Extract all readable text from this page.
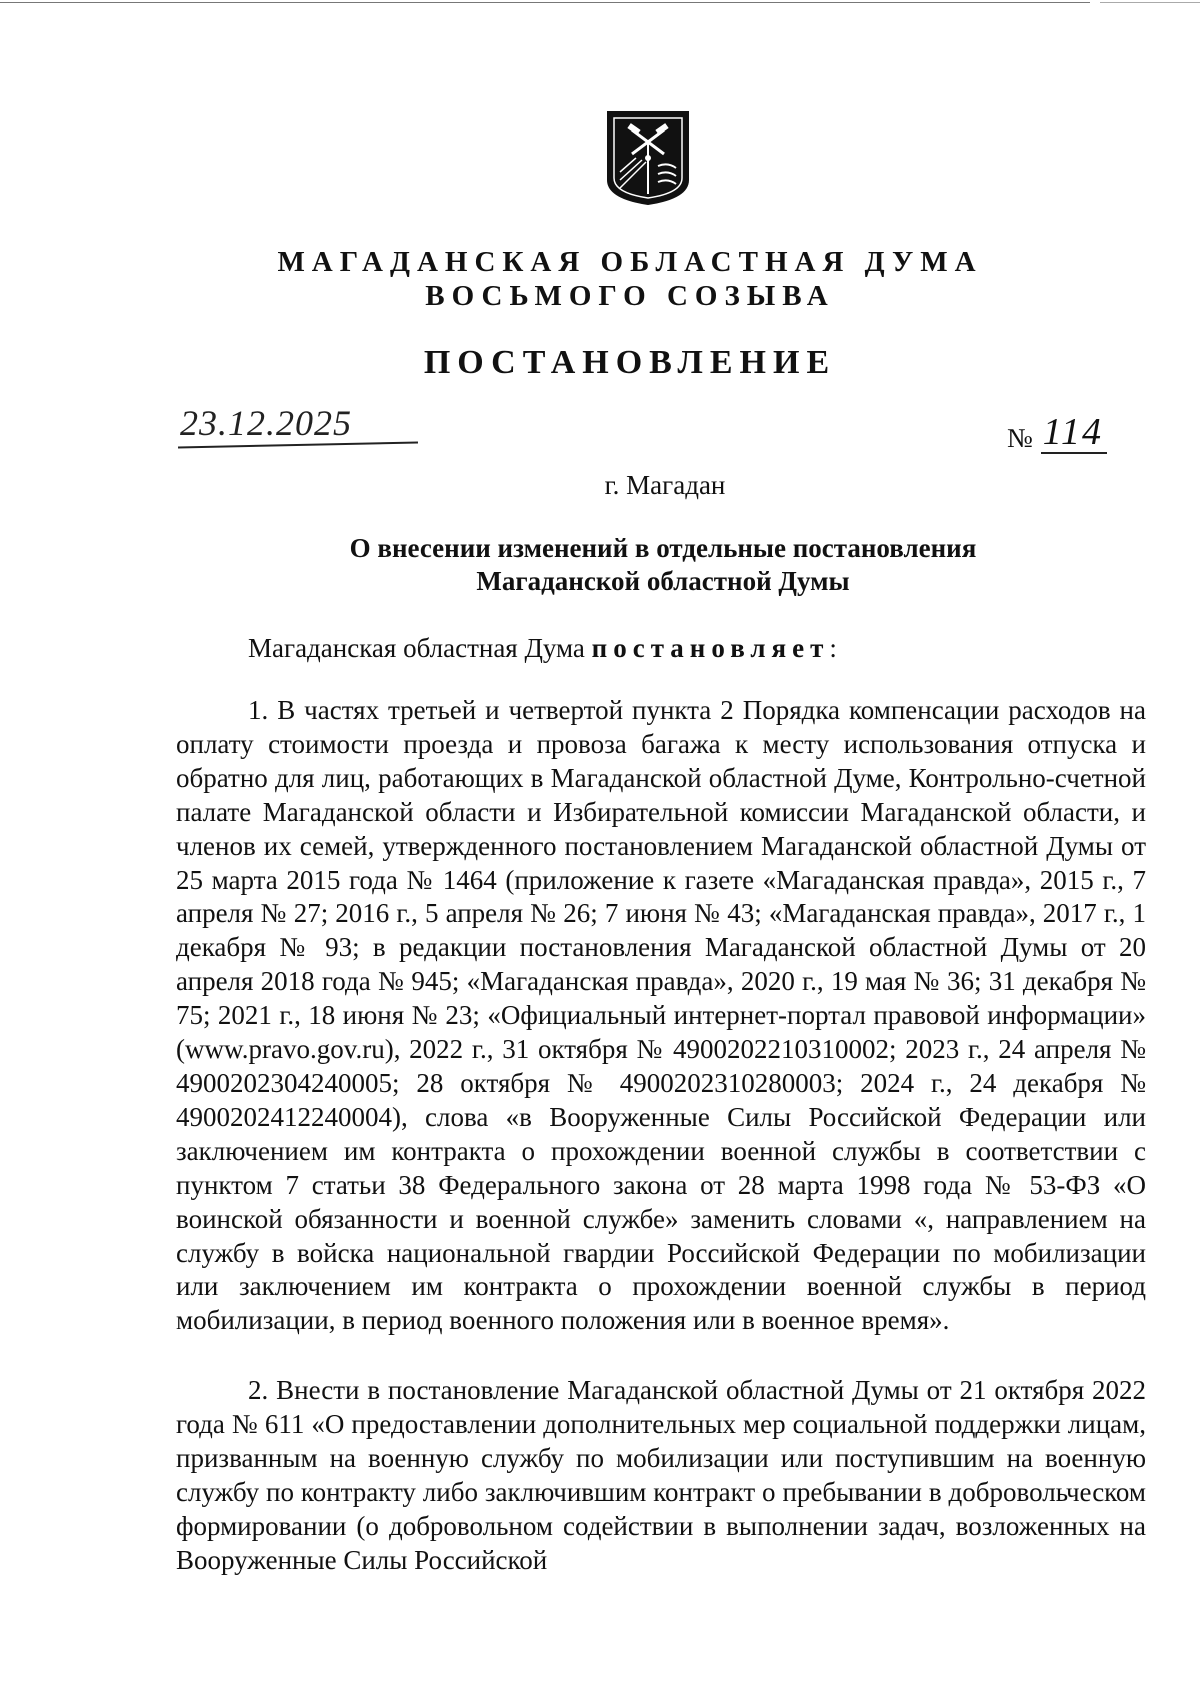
МАГАДАНСКАЯ ОБЛАСТНАЯ ДУМА
ВОСЬМОГО СОЗЫВА
ПОСТАНОВЛЕНИЕ
23.12.2025	№ 114
г. Магадан
О внесении изменений в отдельные постановления
Магаданской областной Думы
Магаданская областная Дума постановляет:
1. В частях третьей и четвертой пункта 2 Порядка компенсации расходов на оплату стоимости проезда и провоза багажа к месту использования отпуска и обратно для лиц, работающих в Магаданской областной Думе, Контрольно-счетной палате Магаданской области и Избирательной комиссии Магаданской области, и членов их семей, утвержденного постановлением Магаданской областной Думы от 25 марта 2015 года № 1464 (приложение к газете «Магаданская правда», 2015 г., 7 апреля № 27; 2016 г., 5 апреля № 26; 7 июня № 43; «Магаданская правда», 2017 г., 1 декабря № 93; в редакции постановления Магаданской областной Думы от 20 апреля 2018 года № 945; «Магаданская правда», 2020 г., 19 мая № 36; 31 декабря № 75; 2021 г., 18 июня № 23; «Официальный интернет-портал правовой информации» (www.pravo.gov.ru), 2022 г., 31 октября № 4900202210310002; 2023 г., 24 апреля № 4900202304240005; 28 октября № 4900202310280003; 2024 г., 24 декабря № 4900202412240004), слова «в Вооруженные Силы Российской Федерации или заключением им контракта о прохождении военной службы в соответствии с пунктом 7 статьи 38 Федерального закона от 28 марта 1998 года № 53-ФЗ «О воинской обязанности и военной службе» заменить словами «, направлением на службу в войска национальной гвардии Российской Федерации по мобилизации или заключением им контракта о прохождении военной службы в период мобилизации, в период военного положения или в военное время».
2. Внести в постановление Магаданской областной Думы от 21 октября 2022 года № 611 «О предоставлении дополнительных мер социальной поддержки лицам, призванным на военную службу по мобилизации или поступившим на военную службу по контракту либо заключившим контракт о пребывании в добровольческом формировании (о добровольном содействии в выполнении задач, возложенных на Вооруженные Силы Российской
